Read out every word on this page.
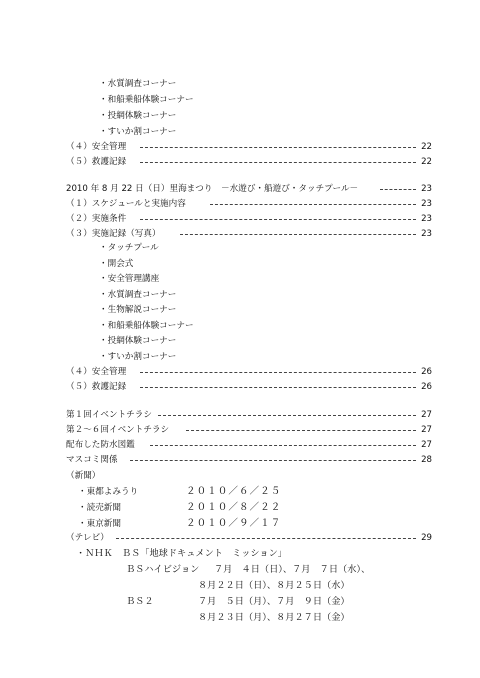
・水質調査コーナー
・和船乗船体験コーナー
・投網体験コーナー
・すいか割コーナー
（４）安全管理	22
（５）救護記録	22
2010 年 8 月 22 日（日）里海まつり　－水遊び・船遊び・タッチプール－	23
（１）スケジュールと実施内容	23
（２）実施条件	23
（３）実施記録（写真）	23
・タッチプール
・開会式
・安全管理講座
・水質調査コーナー
・生物解説コーナー
・和船乗船体験コーナー
・投網体験コーナー
・すいか割コーナー
（４）安全管理	26
（５）救護記録	26
第１回イベントチラシ	27
第２～６回イベントチラシ	27
配布した防水図鑑	27
マスコミ関係	28
（新聞）
・東都よみうり	２０１０／６／２５
・読売新聞	２０１０／８／２２
・東京新聞	２０１０／９／１７
（テレビ）	29
・ＮＨＫ　ＢＳ「地球ドキュメント　ミッション」
ＢＳハイビジョン ７月　４日（日）、７月　７日（水）、
８月２２日（日）、８月２５日（水）
ＢＳ２	７月　５日（月）、７月　９日（金）
８月２３日（月）、８月２７日（金）
